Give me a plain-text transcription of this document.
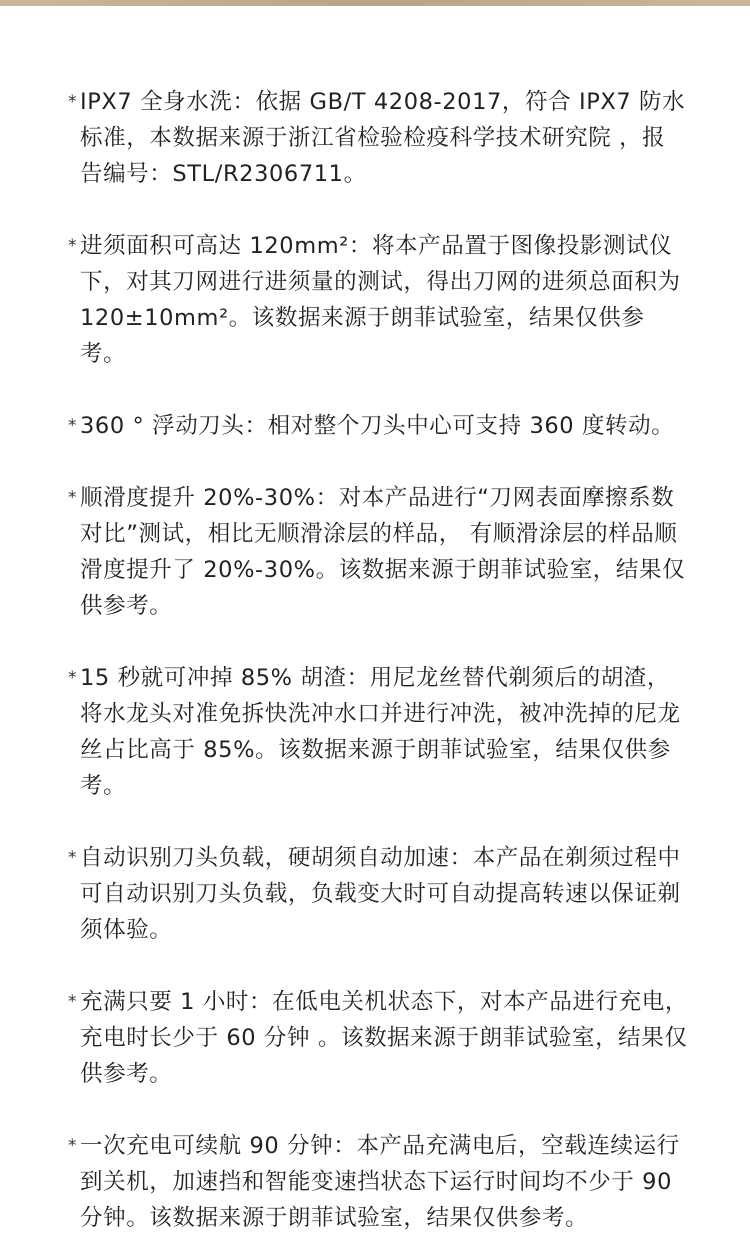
* IPX7 全身水洗：依据 GB/T 4208-2017，符合 IPX7 防水标准，本数据来源于浙江省检验检疫科学技术研究院 ，报告编号：STL/R2306711。
* 进须面积可高达 120mm²：将本产品置于图像投影测试仪下，对其刀网进行进须量的测试，得出刀网的进须总面积为  120±10mm²。该数据来源于朗菲试验室，结果仅供参考。
* 360 ° 浮动刀头：相对整个刀头中心可支持 360 度转动。
* 顺滑度提升 20%-30%：对本产品进行“刀网表面摩擦系数对比”测试，相比无顺滑涂层的样品， 有顺滑涂层的样品顺滑度提升了 20%-30%。该数据来源于朗菲试验室，结果仅供参考。
* 15 秒就可冲掉 85% 胡渣：用尼龙丝替代剃须后的胡渣， 将水龙头对准免拆快洗冲水口并进行冲洗，被冲洗掉的尼龙丝占比高于 85%。该数据来源于朗菲试验室，结果仅供参考。
* 自动识别刀头负载，硬胡须自动加速：本产品在剃须过程中可自动识别刀头负载，负载变大时可自动提高转速以保证剃须体验。
* 充满只要 1 小时：在低电关机状态下，对本产品进行充电，充电时长少于 60 分钟 。该数据来源于朗菲试验室，结果仅供参考。
* 一次充电可续航 90 分钟：本产品充满电后，空载连续运行到关机，加速挡和智能变速挡状态下运行时间均不少于 90 分钟。该数据来源于朗菲试验室，结果仅供参考。
